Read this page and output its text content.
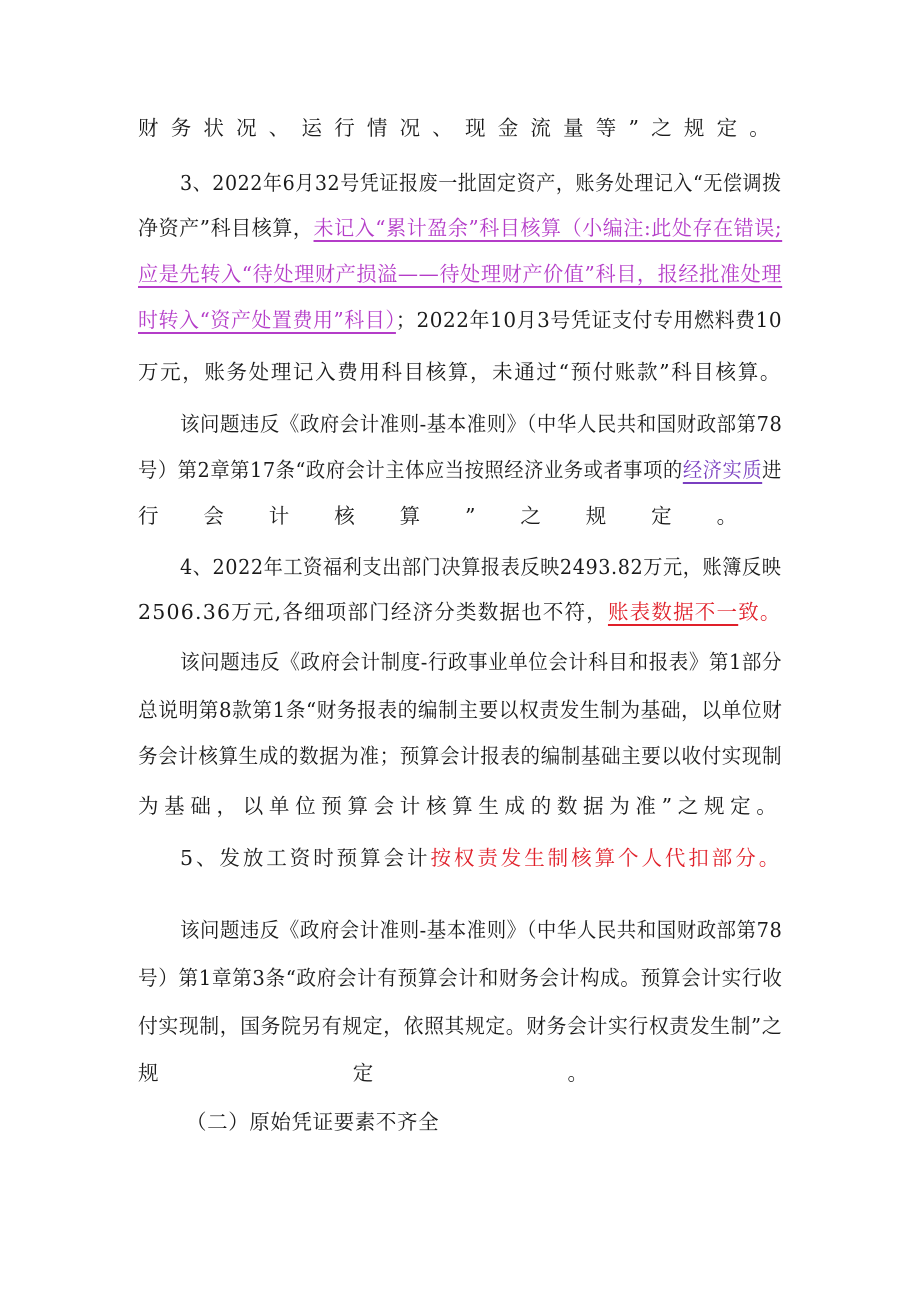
财务状况、运行情况、现金流量等”之规定。
3、2022年6月32号凭证报废一批固定资产，账务处理记入“无偿调拨
净资产”科目核算，未记入“累计盈余”科目核算（小编注:此处存在错误;
应是先转入“待处理财产损溢——待处理财产价值”科目，报经批准处理
时转入“资产处置费用”科目）；2022年10月3号凭证支付专用燃料费10
万元，账务处理记入费用科目核算，未通过“预付账款”科目核算。
该问题违反《政府会计准则-基本准则》（中华人民共和国财政部第78
号）第2章第17条“政府会计主体应当按照经济业务或者事项的经济实质进
行会计核算”之规定。
4、2022年工资福利支出部门决算报表反映2493.82万元，账簿反映
2506.36万元,各细项部门经济分类数据也不符，账表数据不一致。
该问题违反《政府会计制度-行政事业单位会计科目和报表》第1部分
总说明第8款第1条“财务报表的编制主要以权责发生制为基础，以单位财
务会计核算生成的数据为准；预算会计报表的编制基础主要以收付实现制
为基础，以单位预算会计核算生成的数据为准”之规定。
5、发放工资时预算会计按权责发生制核算个人代扣部分。
该问题违反《政府会计准则-基本准则》（中华人民共和国财政部第78
号）第1章第3条“政府会计有预算会计和财务会计构成。预算会计实行收
付实现制，国务院另有规定，依照其规定。财务会计实行权责发生制”之
规定。
（二）原始凭证要素不齐全
